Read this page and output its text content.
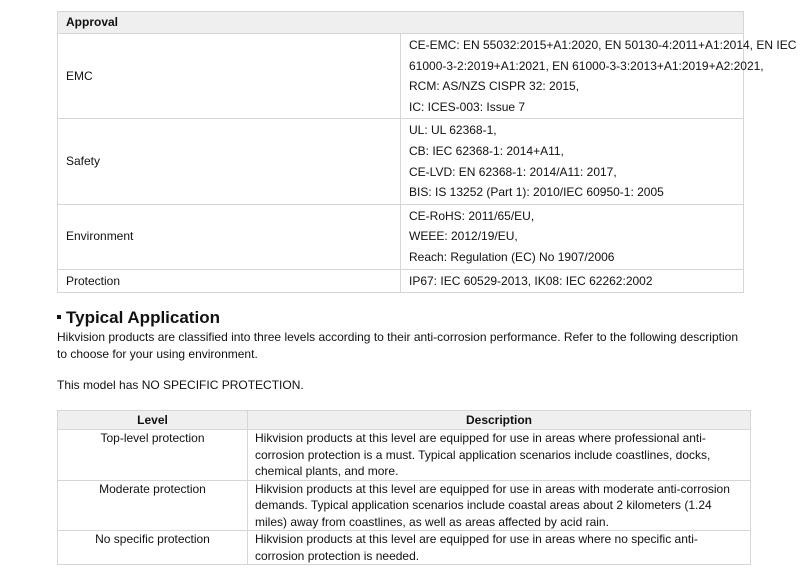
Approval	
EMC	CE-EMC: EN 55032:2015+A1:2020, EN 50130-4:2011+A1:2014, EN IEC
61000-3-2:2019+A1:2021, EN 61000-3-3:2013+A1:2019+A2:2021,
RCM: AS/NZS CISPR 32: 2015,
IC: ICES-003: Issue 7

Safety	UL: UL 62368-1,
CB: IEC 62368-1: 2014+A11,
CE-LVD: EN 62368-1: 2014/A11: 2017,
BIS: IS 13252 (Part 1): 2010/IEC 60950-1: 2005

Environment	CE-RoHS: 2011/65/EU,
WEEE: 2012/19/EU,
Reach: Regulation (EC) No 1907/2006

Protection	IP67: IEC 60529-2013, IK08: IEC 62262:2002
Typical Application

Hikvision products are classified into three levels according to their anti-corrosion performance. Refer to the following description to choose for your using environment.

This model has NO SPECIFIC PROTECTION.

Level	Description
Top-level protection	Hikvision products at this level are equipped for use in areas where professional anti-corrosion protection is a must. Typical application scenarios include coastlines, docks, chemical plants, and more.
Moderate protection	Hikvision products at this level are equipped for use in areas with moderate anti-corrosion demands. Typical application scenarios include coastal areas about 2 kilometers (1.24 miles) away from coastlines, as well as areas affected by acid rain.
No specific protection	Hikvision products at this level are equipped for use in areas where no specific anti-corrosion protection is needed.
